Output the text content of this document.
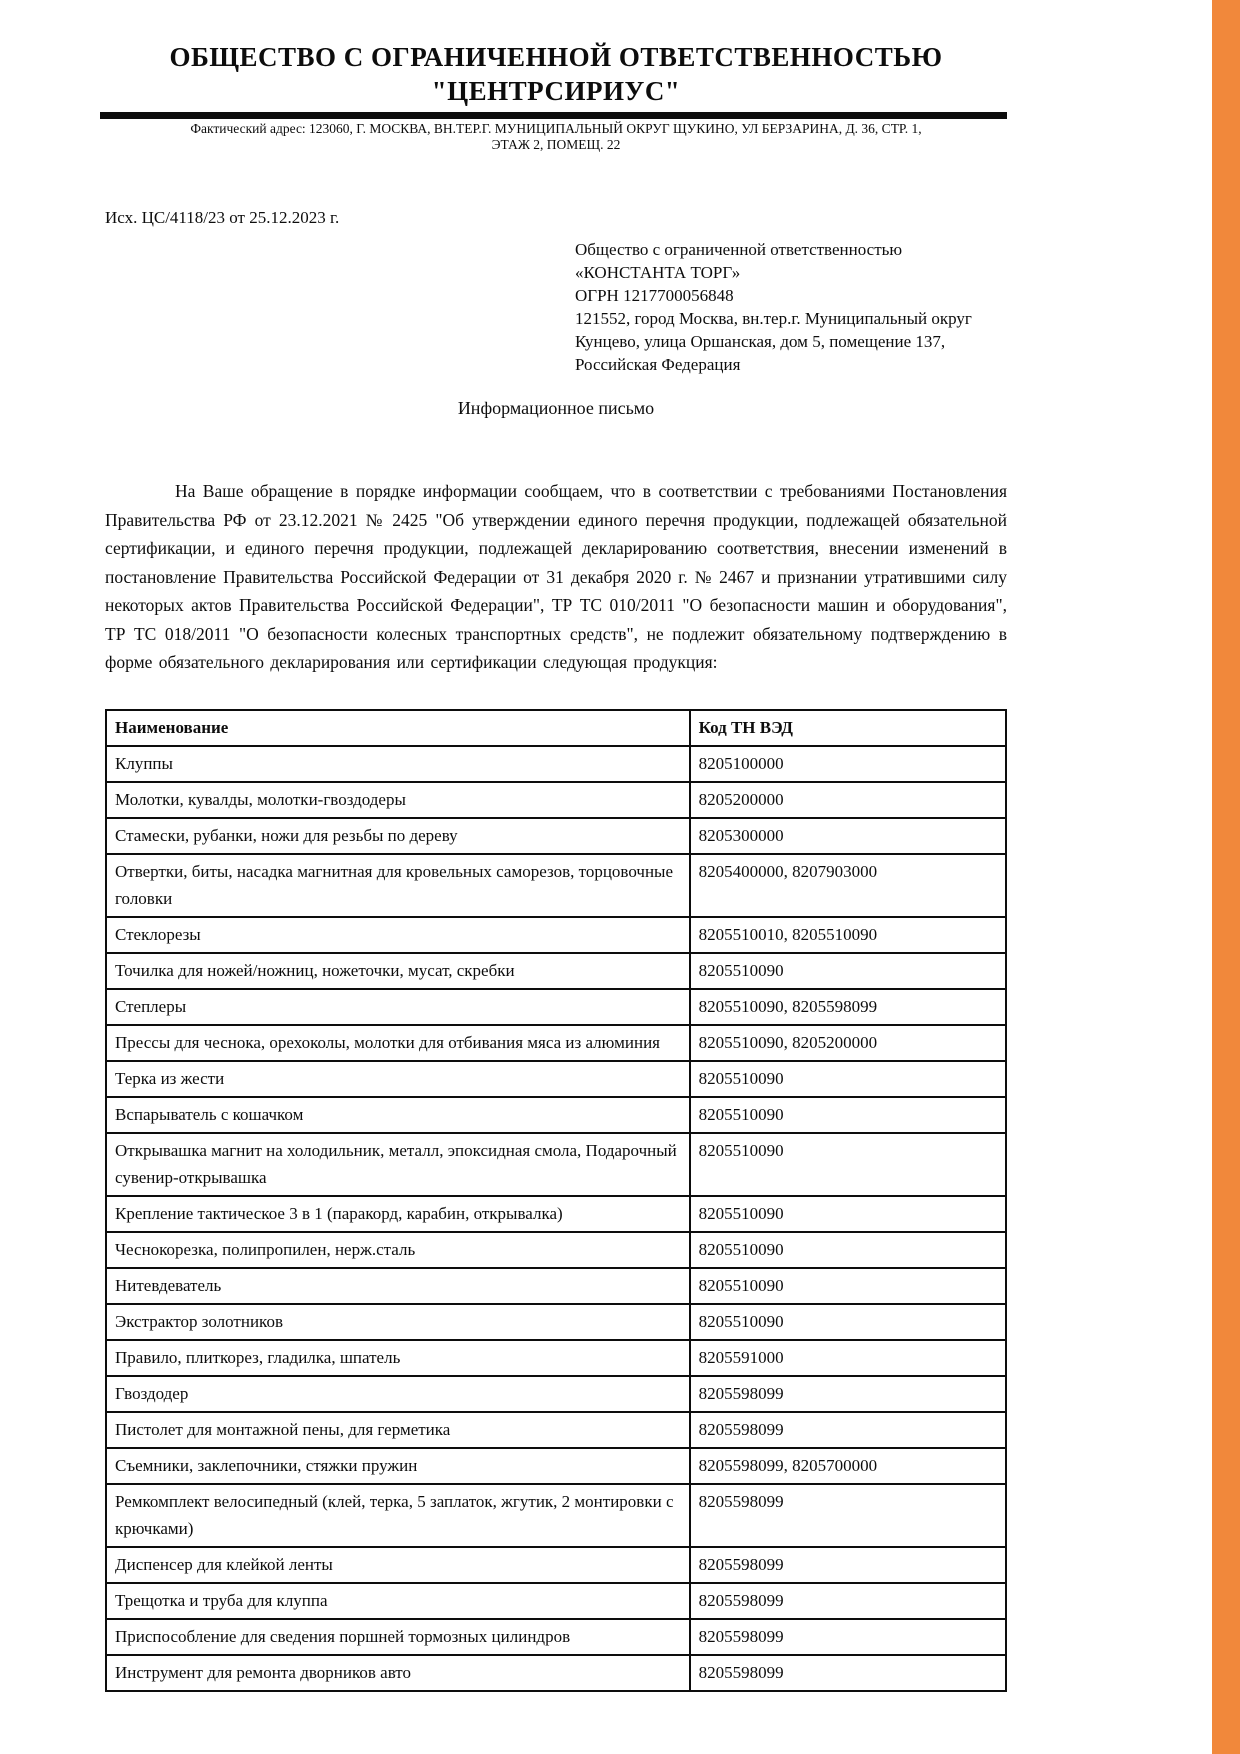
ОБЩЕСТВО С ОГРАНИЧЕННОЙ ОТВЕТСТВЕННОСТЬЮ
"ЦЕНТРСИРИУС"
Фактический адрес: 123060, Г. МОСКВА, ВН.ТЕР.Г. МУНИЦИПАЛЬНЫЙ ОКРУГ ЩУКИНО, УЛ БЕРЗАРИНА, Д. 36, СТР. 1,
ЭТАЖ 2, ПОМЕЩ. 22
Исх. ЦС/4118/23 от 25.12.2023 г.
Общество с ограниченной ответственностью
«КОНСТАНТА ТОРГ»
ОГРН 1217700056848
121552, город Москва, вн.тер.г. Муниципальный округ
Кунцево, улица Оршанская, дом 5, помещение 137,
Российская Федерация
Информационное письмо
На Ваше обращение в порядке информации сообщаем, что в соответствии с требованиями Постановления Правительства РФ от 23.12.2021 № 2425 "Об утверждении единого перечня продукции, подлежащей обязательной сертификации, и единого перечня продукции, подлежащей декларированию соответствия, внесении изменений в постановление Правительства Российской Федерации от 31 декабря 2020 г. № 2467 и признании утратившими силу некоторых актов Правительства Российской Федерации", ТР ТС 010/2011 "О безопасности машин и оборудования", ТР ТС 018/2011 "О безопасности колесных транспортных средств", не подлежит обязательному подтверждению в форме обязательного декларирования или сертификации следующая продукция:
Наименование	Код ТН ВЭД
Клуппы	8205100000
Молотки, кувалды, молотки-гвоздодеры	8205200000
Стамески, рубанки, ножи для резьбы по дереву	8205300000
Отвертки, биты, насадка магнитная для кровельных саморезов, торцовочные головки	8205400000, 8207903000
Стеклорезы	8205510010, 8205510090
Точилка для ножей/ножниц, ножеточки, мусат, скребки	8205510090
Степлеры	8205510090, 8205598099
Прессы для чеснока, орехоколы, молотки для отбивания мяса из алюминия	8205510090, 8205200000
Терка из жести	8205510090
Вспарыватель с кошачком	8205510090
Открывашка магнит на холодильник, металл, эпоксидная смола, Подарочный сувенир-открывашка	8205510090
Крепление тактическое 3 в 1 (паракорд, карабин, открывалка)	8205510090
Чеснокорезка, полипропилен, нерж.сталь	8205510090
Нитевдеватель	8205510090
Экстрактор золотников	8205510090
Правило, плиткорез, гладилка, шпатель	8205591000
Гвоздодер	8205598099
Пистолет для монтажной пены, для герметика	8205598099
Съемники, заклепочники, стяжки пружин	8205598099, 8205700000
Ремкомплект велосипедный (клей, терка, 5 заплаток, жгутик, 2 монтировки с крючками)	8205598099
Диспенсер для клейкой ленты	8205598099
Трещотка и труба для клуппа	8205598099
Приспособление для сведения поршней тормозных цилиндров	8205598099
Инструмент для ремонта дворников авто	8205598099
